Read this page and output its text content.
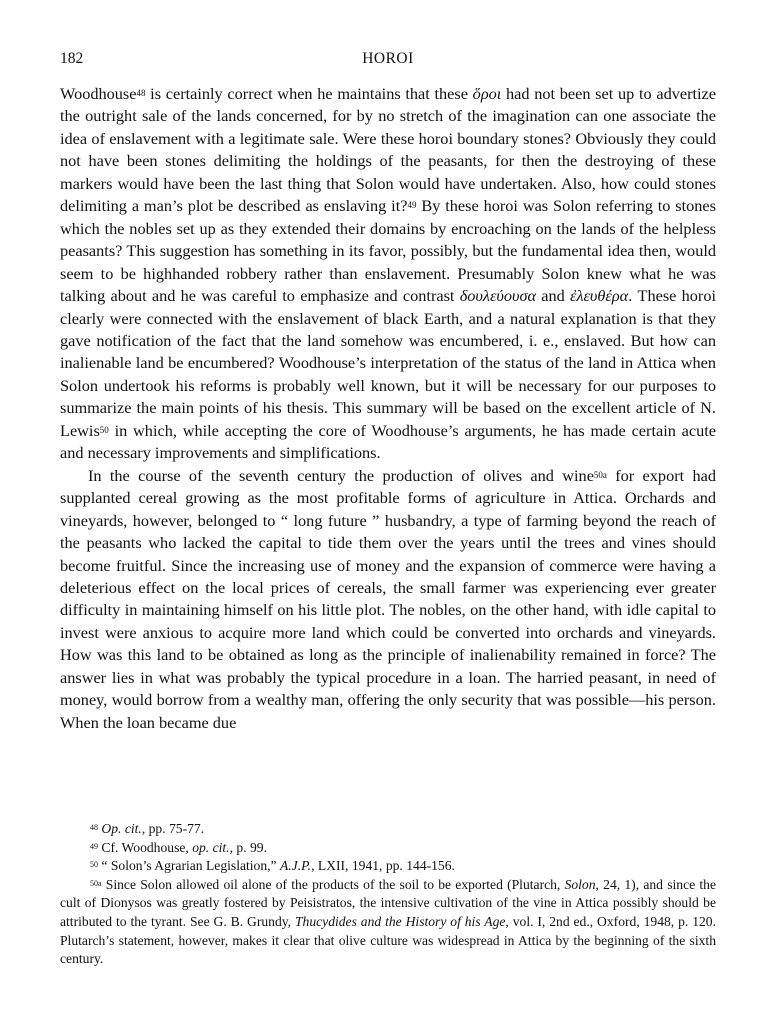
182	HOROI

Woodhouse$^{48}$ is certainly correct when he maintains that these ὅροι had not been set up to advertize the outright sale of the lands concerned, for by no stretch of the imagination can one associate the idea of enslavement with a legitimate sale. Were these horoi boundary stones? Obviously they could not have been stones delimiting the holdings of the peasants, for then the destroying of these markers would have been the last thing that Solon would have undertaken. Also, how could stones delimiting a man’s plot be described as enslaving it?$^{49}$ By these horoi was Solon referring to stones which the nobles set up as they extended their domains by encroaching on the lands of the helpless peasants? This suggestion has something in its favor, possibly, but the fundamental idea then, would seem to be highhanded robbery rather than enslavement. Presumably Solon knew what he was talking about and he was careful to emphasize and contrast δουλεύουσα and ἐλευθέρα. These horoi clearly were connected with the enslavement of black Earth, and a natural explanation is that they gave notification of the fact that the land somehow was encumbered, i. e., enslaved. But how can inalienable land be encumbered? Woodhouse’s interpretation of the status of the land in Attica when Solon undertook his reforms is probably well known, but it will be necessary for our purposes to summarize the main points of his thesis. This summary will be based on the excellent article of N. Lewis$^{50}$ in which, while accepting the core of Woodhouse’s arguments, he has made certain acute and necessary improvements and simplifications.

In the course of the seventh century the production of olives and wine$^{50a}$ for export had supplanted cereal growing as the most profitable forms of agriculture in Attica. Orchards and vineyards, however, belonged to “ long future ” husbandry, a type of farming beyond the reach of the peasants who lacked the capital to tide them over the years until the trees and vines should become fruitful. Since the increasing use of money and the expansion of commerce were having a deleterious effect on the local prices of cereals, the small farmer was experiencing ever greater difficulty in maintaining himself on his little plot. The nobles, on the other hand, with idle capital to invest were anxious to acquire more land which could be converted into orchards and vineyards. How was this land to be obtained as long as the principle of inalienability remained in force? The answer lies in what was probably the typical procedure in a loan. The harried peasant, in need of money, would borrow from a wealthy man, offering the only security that was possible—his person. When the loan became due

$^{48}$ Op. cit., pp. 75-77.

$^{49}$ Cf. Woodhouse, op. cit., p. 99.

$^{50}$ “ Solon’s Agrarian Legislation,” A.J.P., LXII, 1941, pp. 144-156.

$^{50a}$ Since Solon allowed oil alone of the products of the soil to be exported (Plutarch, Solon, 24, 1), and since the cult of Dionysos was greatly fostered by Peisistratos, the intensive cultivation of the vine in Attica possibly should be attributed to the tyrant. See G. B. Grundy, Thucydides and the History of his Age, vol. I, 2nd ed., Oxford, 1948, p. 120. Plutarch’s statement, however, makes it clear that olive culture was widespread in Attica by the beginning of the sixth century.
